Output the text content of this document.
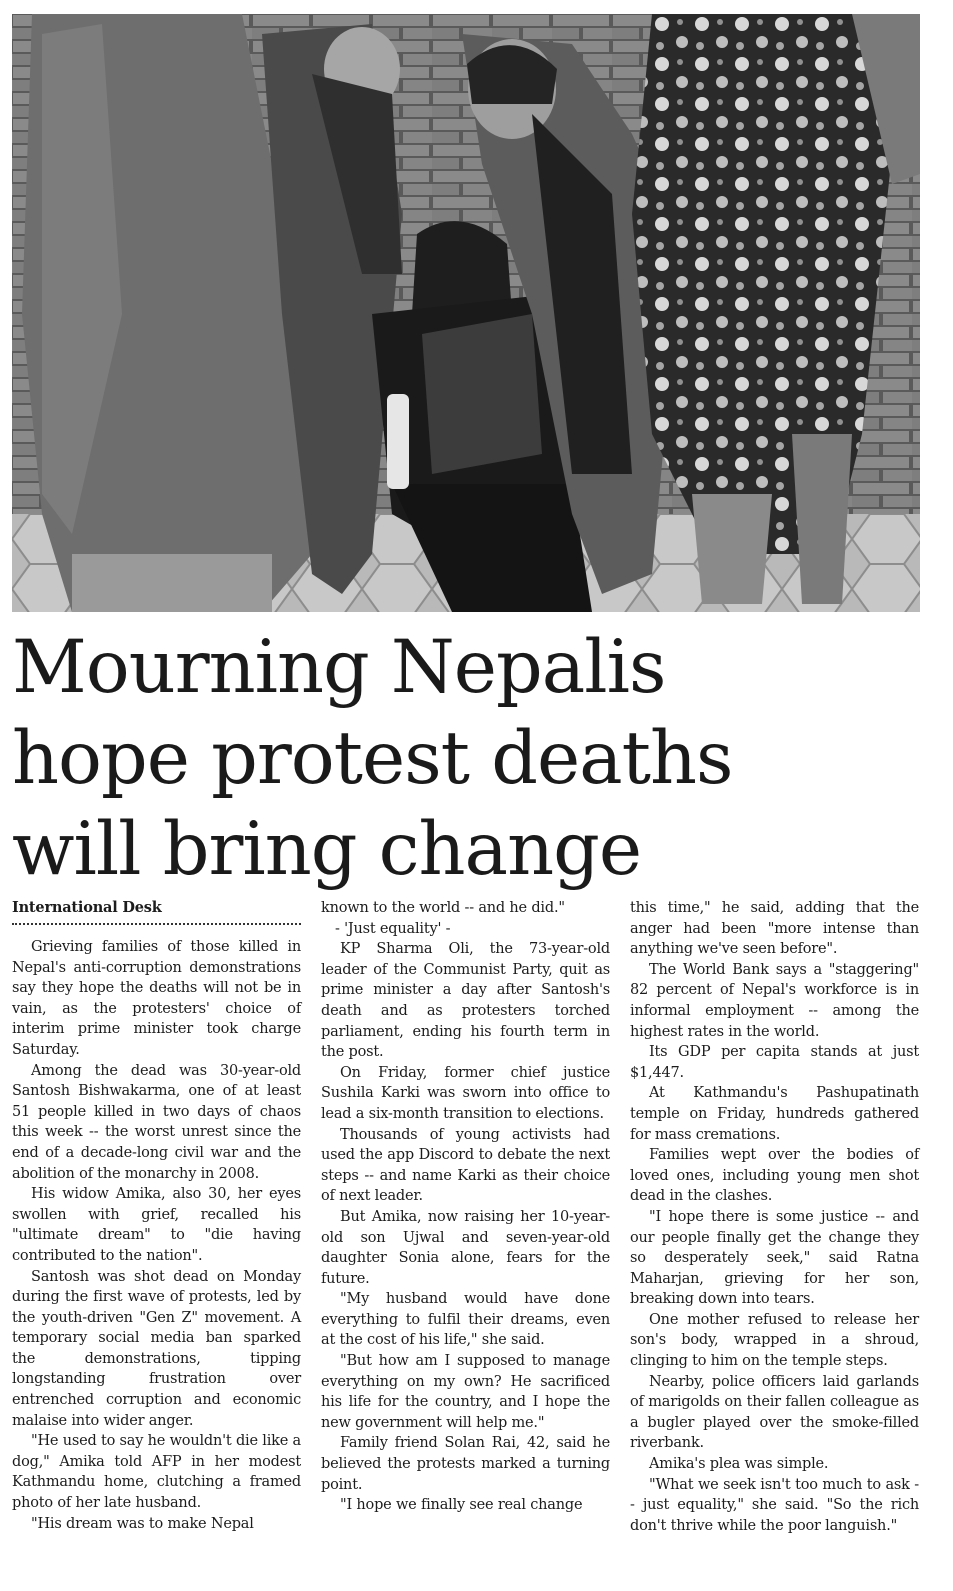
Mourning Nepalis
hope protest deaths
will bring change
International Desk

Grieving families of those killed in Nepal's anti-corruption demonstrations say they hope the deaths will not be in vain, as the protesters' choice of interim prime minister took charge Saturday.

Among the dead was 30-year-old Santosh Bishwakarma, one of at least 51 people killed in two days of chaos this week -- the worst unrest since the end of a decade-long civil war and the abolition of the monarchy in 2008.

His widow Amika, also 30, her eyes swollen with grief, recalled his "ultimate dream" to "die having contributed to the nation".

Santosh was shot dead on Monday during the first wave of protests, led by the youth-driven "Gen Z" movement. A temporary social media ban sparked the demonstrations, tipping longstanding frustration over entrenched corruption and economic malaise into wider anger.

"He used to say he wouldn't die like a dog," Amika told AFP in her modest Kathmandu home, clutching a framed photo of her late husband.

"His dream was to make Nepal

known to the world -- and he did."

- 'Just equality' -

KP Sharma Oli, the 73-year-old leader of the Communist Party, quit as prime minister a day after Santosh's death and as protesters torched parliament, ending his fourth term in the post.

On Friday, former chief justice Sushila Karki was sworn into office to lead a six-month transition to elections.

Thousands of young activists had used the app Discord to debate the next steps -- and name Karki as their choice of next leader.

But Amika, now raising her 10-year-old son Ujwal and seven-year-old daughter Sonia alone, fears for the future.

"My husband would have done everything to fulfil their dreams, even at the cost of his life," she said.

"But how am I supposed to manage everything on my own? He sacrificed his life for the country, and I hope the new government will help me."

Family friend Solan Rai, 42, said he believed the protests marked a turning point.

"I hope we finally see real change

this time," he said, adding that the anger had been "more intense than anything we've seen before".

The World Bank says a "staggering" 82 percent of Nepal's workforce is in informal employment -- among the highest rates in the world.

Its GDP per capita stands at just $1,447.

At Kathmandu's Pashupatinath temple on Friday, hundreds gathered for mass cremations.

Families wept over the bodies of loved ones, including young men shot dead in the clashes.

"I hope there is some justice -- and our people finally get the change they so desperately seek," said Ratna Maharjan, grieving for her son, breaking down into tears.

One mother refused to release her son's body, wrapped in a shroud, clinging to him on the temple steps.

Nearby, police officers laid garlands of marigolds on their fallen colleague as a bugler played over the smoke-filled riverbank.

Amika's plea was simple.

"What we seek isn't too much to ask -- just equality," she said. "So the rich don't thrive while the poor languish."
